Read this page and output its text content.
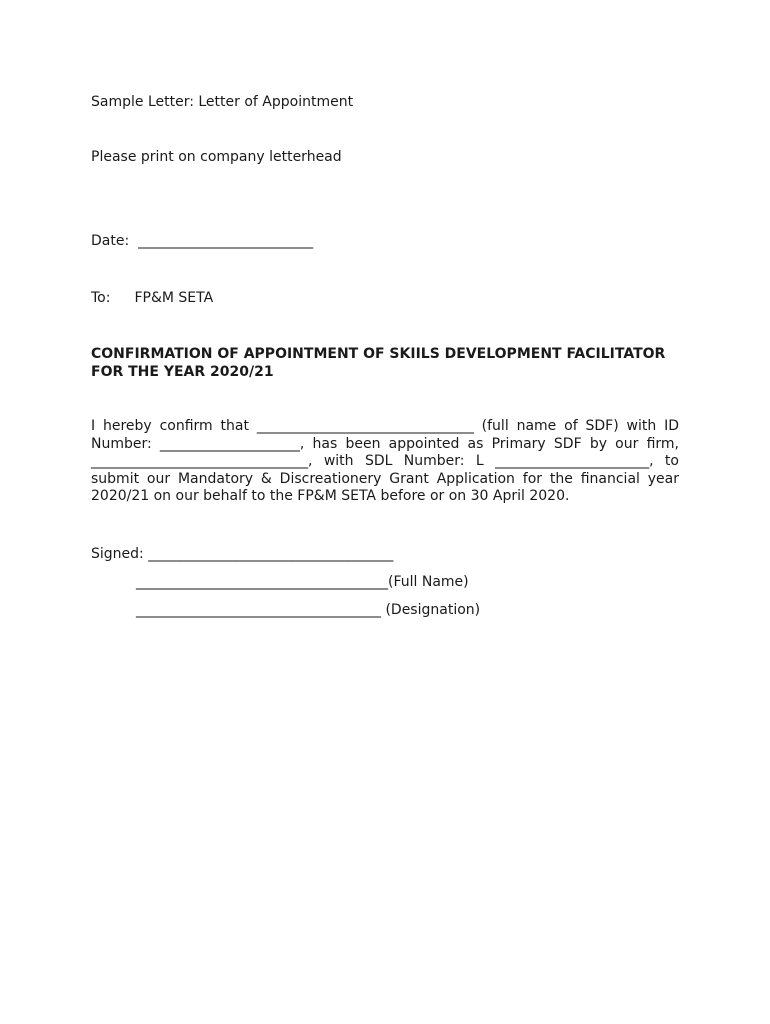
Sample Letter: Letter of Appointment
Please print on company letterhead
Date: _________________________
To: FP&M SETA
CONFIRMATION OF APPOINTMENT OF SKIILS DEVELOPMENT FACILITATOR
FOR THE YEAR 2020/21
I hereby confirm that _______________________________ (full name of SDF) with ID Number: ____________________, has been appointed as Primary SDF by our firm, _______________________________, with SDL Number: L ______________________, to submit our Mandatory & Discreationery Grant Application for the financial year 2020/21 on our behalf to the FP&M SETA before or on 30 April 2020.
Signed: ___________________________________
____________________________________(Full Name)
___________________________________ (Designation)
